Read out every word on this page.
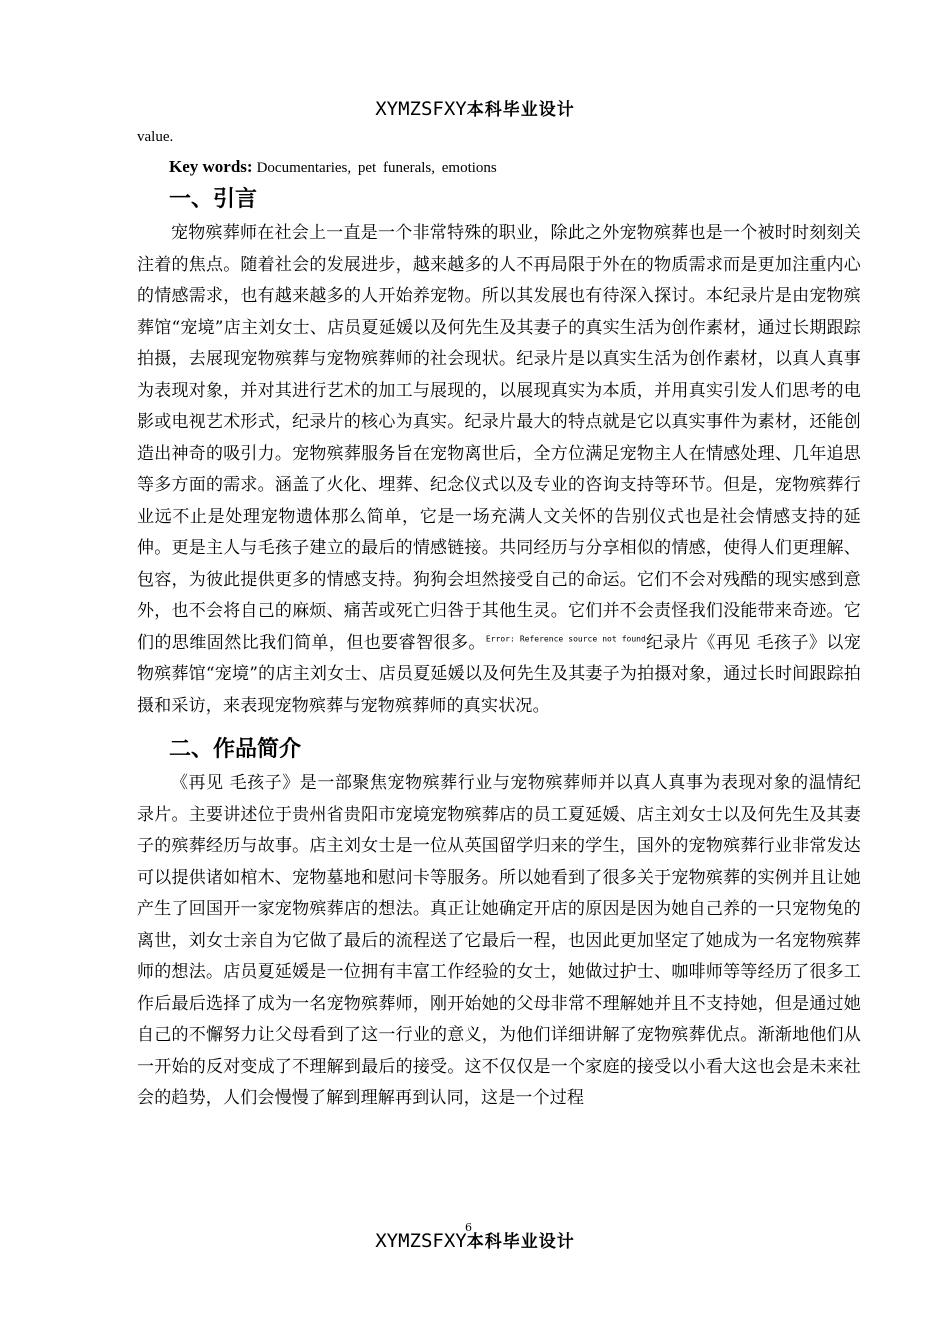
XYMZSFXY本科毕业设计
value.
Key words: Documentaries, pet funerals, emotions
一、引言

宠物殡葬师在社会上一直是一个非常特殊的职业，除此之外宠物殡葬也是一个被时时刻刻关注着的焦点。随着社会的发展进步，越来越多的人不再局限于外在的物质需求而是更加注重内心的情感需求，也有越来越多的人开始养宠物。所以其发展也有待深入探讨。本纪录片是由宠物殡葬馆“宠境”店主刘女士、店员夏延媛以及何先生及其妻子的真实生活为创作素材，通过长期跟踪拍摄，去展现宠物殡葬与宠物殡葬师的社会现状。纪录片是以真实生活为创作素材，以真人真事为表现对象，并对其进行艺术的加工与展现的，以展现真实为本质，并用真实引发人们思考的电影或电视艺术形式，纪录片的核心为真实。纪录片最大的特点就是它以真实事件为素材，还能创造出神奇的吸引力。宠物殡葬服务旨在宠物离世后，全方位满足宠物主人在情感处理、几年追思等多方面的需求。涵盖了火化、埋葬、纪念仪式以及专业的咨询支持等环节。但是，宠物殡葬行业远不止是处理宠物遗体那么简单，它是一场充满人文关怀的告别仪式也是社会情感支持的延伸。更是主人与毛孩子建立的最后的情感链接。共同经历与分享相似的情感，使得人们更理解、包容，为彼此提供更多的情感支持。狗狗会坦然接受自己的命运。它们不会对残酷的现实感到意外，也不会将自己的麻烦、痛苦或死亡归咎于其他生灵。它们并不会责怪我们没能带来奇迹。它们的思维固然比我们简单，但也要睿智很多。$^{Error: Reference source not found}$纪录片《再见 毛孩子》以宠物殡葬馆“宠境”的店主刘女士、店员夏延媛以及何先生及其妻子为拍摄对象，通过长时间跟踪拍摄和采访，来表现宠物殡葬与宠物殡葬师的真实状况。

二、作品简介

《再见 毛孩子》是一部聚焦宠物殡葬行业与宠物殡葬师并以真人真事为表现对象的温情纪录片。主要讲述位于贵州省贵阳市宠境宠物殡葬店的员工夏延媛、店主刘女士以及何先生及其妻子的殡葬经历与故事。店主刘女士是一位从英国留学归来的学生，国外的宠物殡葬行业非常发达可以提供诸如棺木、宠物墓地和慰问卡等服务。所以她看到了很多关于宠物殡葬的实例并且让她产生了回国开一家宠物殡葬店的想法。真正让她确定开店的原因是因为她自己养的一只宠物兔的离世，刘女士亲自为它做了最后的流程送了它最后一程，也因此更加坚定了她成为一名宠物殡葬师的想法。店员夏延媛是一位拥有丰富工作经验的女士，她做过护士、咖啡师等等经历了很多工作后最后选择了成为一名宠物殡葬师，刚开始她的父母非常不理解她并且不支持她，但是通过她自己的不懈努力让父母看到了这一行业的意义，为他们详细讲解了宠物殡葬优点。渐渐地他们从一开始的反对变成了不理解到最后的接受。这不仅仅是一个家庭的接受以小看大这也会是未来社会的趋势，人们会慢慢了解到理解再到认同，这是一个过程

6
XYMZSFXY本科毕业设计
